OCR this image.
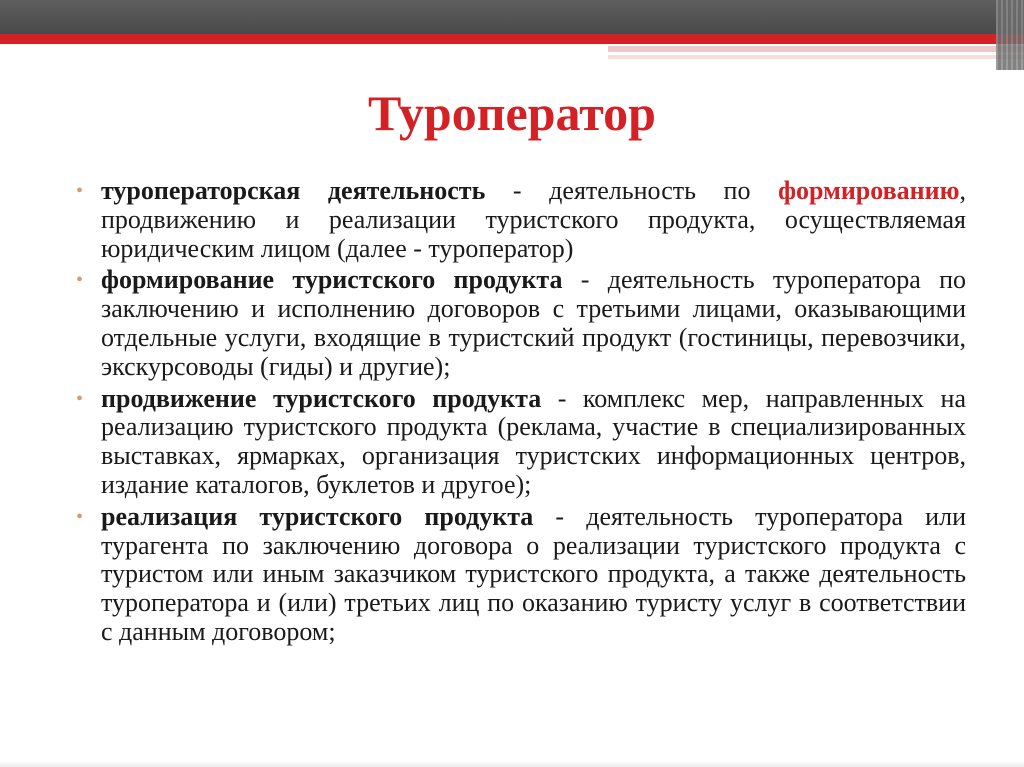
Туроператор
• туроператорская деятельность - деятельность по формированию, продвижению и реализации туристского продукта, осуществляемая юридическим лицом (далее - туроператор)
• формирование туристского продукта - деятельность туроператора по заключению и исполнению договоров с третьими лицами, оказывающими отдельные услуги, входящие в туристский продукт (гостиницы, перевозчики, экскурсоводы (гиды) и другие);
• продвижение туристского продукта - комплекс мер, направленных на реализацию туристского продукта (реклама, участие в специализированных выставках, ярмарках, организация туристских информационных центров, издание каталогов, буклетов и другое);
• реализация туристского продукта - деятельность туроператора или турагента по заключению договора о реализации туристского продукта с туристом или иным заказчиком туристского продукта, а также деятельность туроператора и (или) третьих лиц по оказанию туристу услуг в соответствии с данным договором;
